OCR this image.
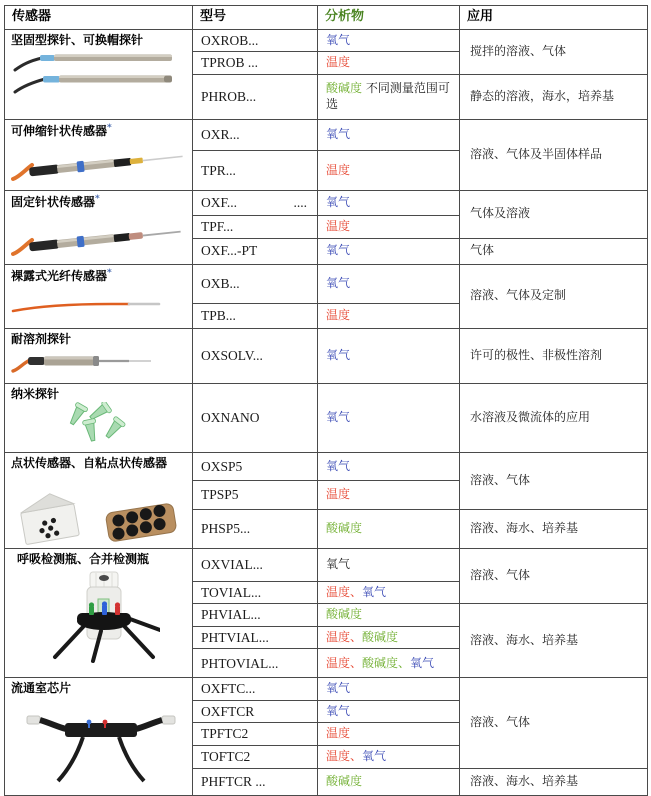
传感器	型号	分析物	应用

坚固型探针、可换帽探针	OXROB...	氧气	搅拌的溶液、气体
	TPROB ...	温度	
	PHROB...	酸碱度 不同测量范围可选	静态的溶液，海水，培养基

可伸缩针状传感器*	OXR...	氧气	溶液、气体及半固体样品
	TPR...	温度	

固定针状传感器*	OXF... ....	氧气	气体及溶液
	TPF...	温度	
	OXF...-PT	氧气	气体

裸露式光纤传感器*	OXB...	氧气	溶液、气体及定制
	TPB...	温度	

耐溶剂探针	OXSOLV...	氧气	许可的极性、非极性溶剂

纳米探针	OXNANO	氧气	水溶液及微流体的应用

点状传感器、自粘点状传感器	OXSP5	氧气	溶液、气体
	TPSP5	温度	
	PHSP5...	酸碱度	溶液、海水、培养基

呼吸检测瓶、合并检测瓶	OXVIAL...	氧气	溶液、气体
	TOVIAL...	温度、氧气	
	PHVIAL...	酸碱度	溶液、海水、培养基
	PHTVIAL...	温度、酸碱度	
	PHTOVIAL...	温度、酸碱度、氧气	

流通室芯片	OXFTC...	氧气	溶液、气体
	OXFTCR	氧气	
	TPFTC2	温度	
	TOFTC2	温度、氧气	
	PHFTCR ...	酸碱度	溶液、海水、培养基
